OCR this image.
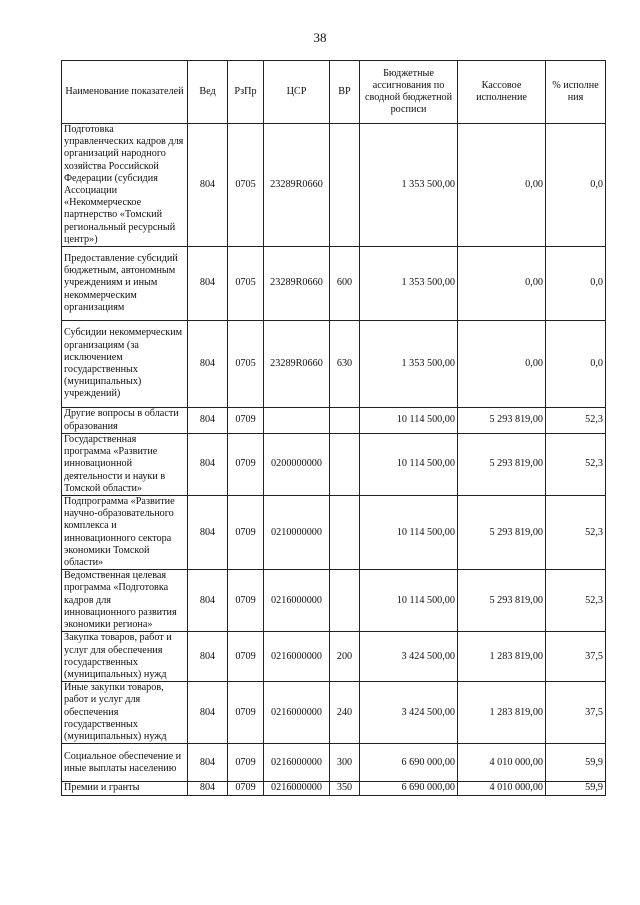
38
Наименование показателей	Вед	РзПр	ЦСР	ВР	Бюджетные ассигнования по сводной бюджетной росписи	Кассовое исполнение	% исполне ния
Подготовка управленческих кадров для организаций народного хозяйства Российской Федерации (субсидия Ассоциации «Некоммерческое партнерство «Томский региональный ресурсный центр»)	804	0705	23289R0660		1 353 500,00	0,00	0,0
Предоставление субсидий бюджетным, автономным учреждениям и иным некоммерческим организациям	804	0705	23289R0660	600	1 353 500,00	0,00	0,0
Субсидии некоммерческим организациям (за исключением государственных (муниципальных) учреждений)	804	0705	23289R0660	630	1 353 500,00	0,00	0,0
Другие вопросы в области образования	804	0709			10 114 500,00	5 293 819,00	52,3
Государственная программа «Развитие инновационной деятельности и науки в Томской области»	804	0709	0200000000		10 114 500,00	5 293 819,00	52,3
Подпрограмма «Развитие научно-образовательного комплекса и инновационного сектора экономики Томской области»	804	0709	0210000000		10 114 500,00	5 293 819,00	52,3
Ведомственная целевая программа «Подготовка кадров для инновационного развития экономики региона»	804	0709	0216000000		10 114 500,00	5 293 819,00	52,3
Закупка товаров, работ и услуг для обеспечения государственных (муниципальных) нужд	804	0709	0216000000	200	3 424 500,00	1 283 819,00	37,5
Иные закупки товаров, работ и услуг для обеспечения государственных (муниципальных) нужд	804	0709	0216000000	240	3 424 500,00	1 283 819,00	37,5
Социальное обеспечение и иные выплаты населению	804	0709	0216000000	300	6 690 000,00	4 010 000,00	59,9
Премии и гранты	804	0709	0216000000	350	6 690 000,00	4 010 000,00	59,9
